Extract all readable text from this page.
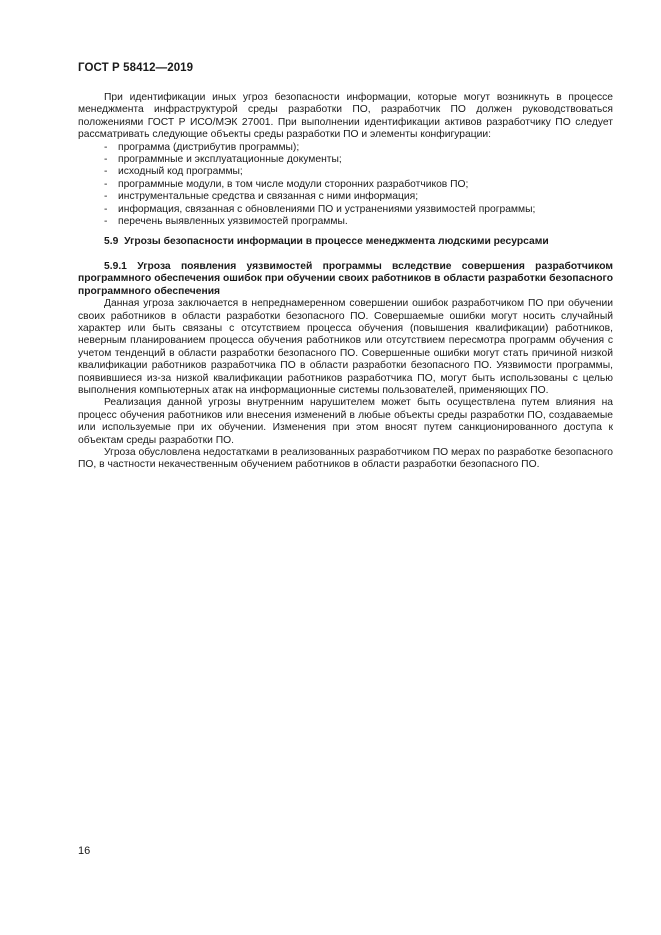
ГОСТ Р 58412—2019

При идентификации иных угроз безопасности информации, которые могут возникнуть в процессе менеджмента инфраструктурой среды разработки ПО, разработчик ПО должен руководствоваться положениями ГОСТ Р ИСО/МЭК 27001. При выполнении идентификации активов разработчику ПО следует рассматривать следующие объекты среды разработки ПО и элементы конфигурации:

- программа (дистрибутив программы);
- программные и эксплуатационные документы;
- исходный код программы;
- программные модули, в том числе модули сторонних разработчиков ПО;
- инструментальные средства и связанная с ними информация;
- информация, связанная с обновлениями ПО и устранениями уязвимостей программы;
- перечень выявленных уязвимостей программы.

5.9 Угрозы безопасности информации в процессе менеджмента людскими ресурсами

5.9.1 Угроза появления уязвимостей программы вследствие совершения разработчиком программного обеспечения ошибок при обучении своих работников в области разработки безопасного программного обеспечения

Данная угроза заключается в непреднамеренном совершении ошибок разработчиком ПО при обучении своих работников в области разработки безопасного ПО. Совершаемые ошибки могут носить случайный характер или быть связаны с отсутствием процесса обучения (повышения квалификации) работников, неверным планированием процесса обучения работников или отсутствием пересмотра программ обучения с учетом тенденций в области разработки безопасного ПО. Совершенные ошибки могут стать причиной низкой квалификации работников разработчика ПО в области разработки безопасного ПО. Уязвимости программы, появившиеся из-за низкой квалификации работников разработчика ПО, могут быть использованы с целью выполнения компьютерных атак на информационные системы пользователей, применяющих ПО.

Реализация данной угрозы внутренним нарушителем может быть осуществлена путем влияния на процесс обучения работников или внесения изменений в любые объекты среды разработки ПО, создаваемые или используемые при их обучении. Изменения при этом вносят путем санкционированного доступа к объектам среды разработки ПО.

Угроза обусловлена недостатками в реализованных разработчиком ПО мерах по разработке безопасного ПО, в частности некачественным обучением работников в области разработки безопасного ПО.

16
